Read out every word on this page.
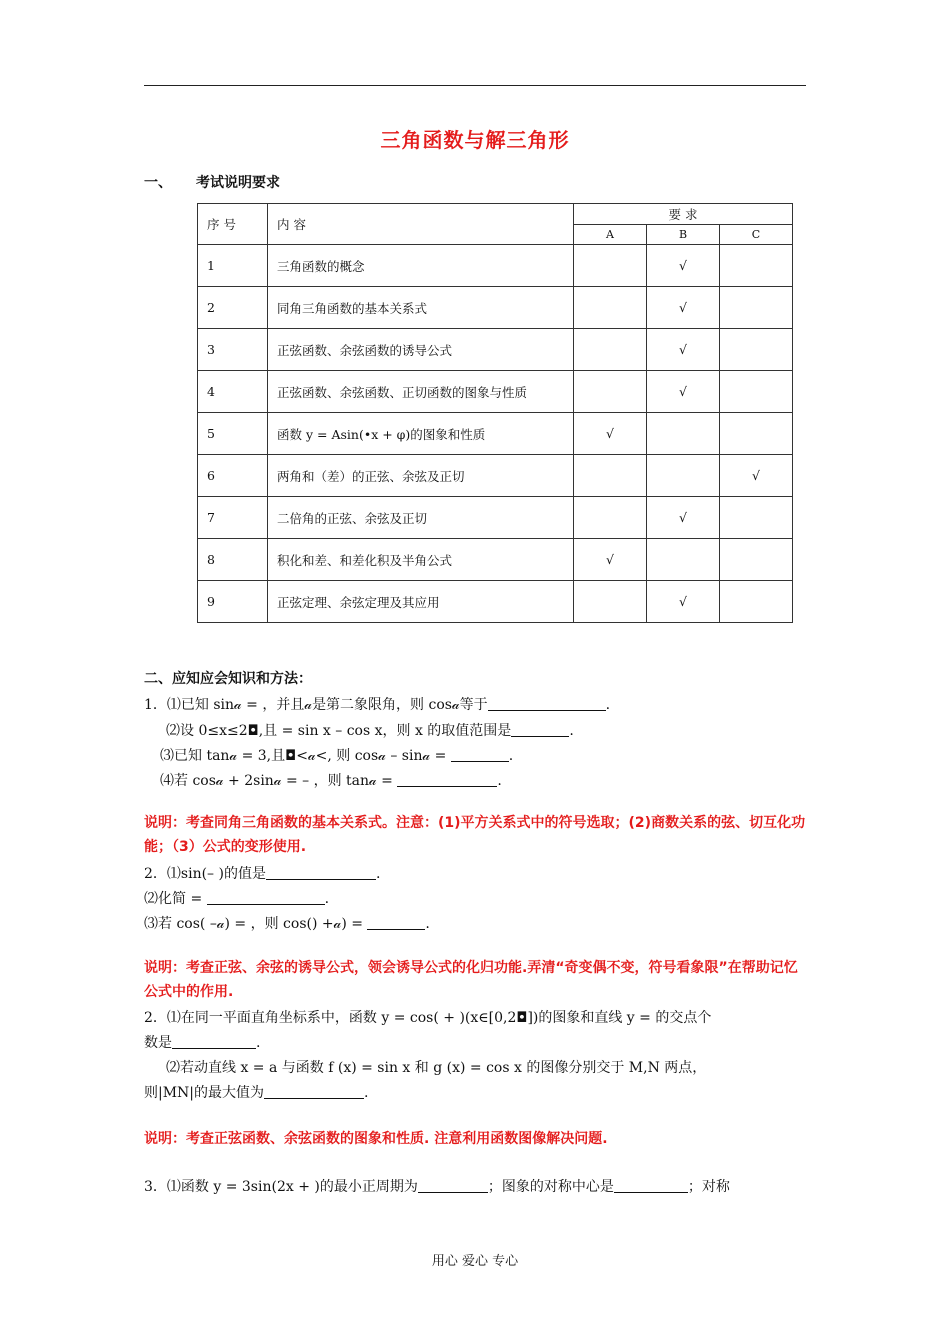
三角函数与解三角形
一、 考试说明要求
序 号	内 容	要 求		
		A	B	C
1	三角函数的概念		√	
2	同角三角函数的基本关系式		√	
3	正弦函数、余弦函数的诱导公式		√	
4	正弦函数、余弦函数、正切函数的图象与性质		√	
5	函数 y = Asin(•x + φ)的图象和性质	√		
6	两角和（差）的正弦、余弦及正切			√
7	二倍角的正弦、余弦及正切		√	
8	积化和差、和差化积及半角公式	√		
9	正弦定理、余弦定理及其应用		√	
二、应知应会知识和方法：
1．⑴已知 sin𝒶 = ，并且𝒶是第二象限角，则 cos𝒶等于	.
⑵设 0≤x≤2◘,且 = sin x – cos x，则 x 的取值范围是	.
⑶已知 tan𝒶 = 3,且◘<𝒶<, 则 cos𝒶 – sin𝒶 =	.
⑷若 cos𝒶 + 2sin𝒶 = – ，则 tan𝒶 =	.
说明：考查同角三角函数的基本关系式。注意：(1)平方关系式中的符号选取；(2)商数关系的弦、切互化功能；（3）公式的变形使用.
2．⑴sin(– )的值是	.
⑵化简 =	.
⑶若 cos( –𝒶) = ，则 cos() +𝒶) =	.
说明：考查正弦、余弦的诱导公式，领会诱导公式的化归功能.弄清“奇变偶不变，符号看象限”在帮助记忆公式中的作用.
2．⑴在同一平面直角坐标系中，函数 y = cos( + )(x∈[0,2◘])的图象和直线 y = 的交点个
数是	.
⑵若动直线 x = a 与函数 f (x) = sin x 和 g (x) = cos x 的图像分别交于 M,N 两点，
则|MN|的最大值为	.
说明：考查正弦函数、余弦函数的图象和性质. 注意利用函数图像解决问题.
3．⑴函数 y = 3sin(2x + )的最小正周期为	；图象的对称中心是	；对称
用心 爱心 专心
